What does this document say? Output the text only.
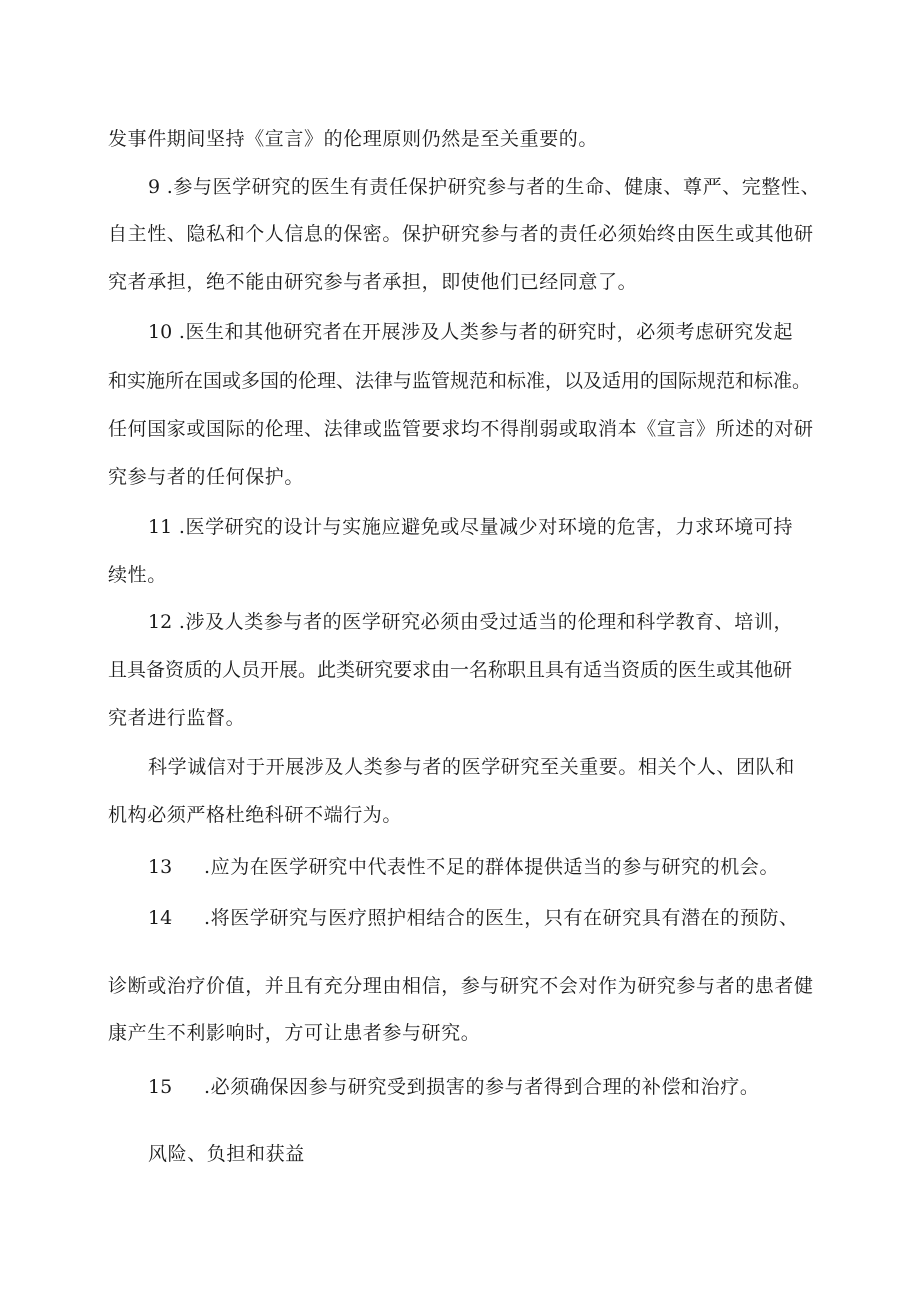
发事件期间坚持《宣言》的伦理原则仍然是至关重要的。
9 .参与医学研究的医生有责任保护研究参与者的生命、健康、尊严、完整性、
自主性、隐私和个人信息的保密。保护研究参与者的责任必须始终由医生或其他研
究者承担，绝不能由研究参与者承担，即使他们已经同意了。
10 .医生和其他研究者在开展涉及人类参与者的研究时，必须考虑研究发起
和实施所在国或多国的伦理、法律与监管规范和标准，以及适用的国际规范和标准。
任何国家或国际的伦理、法律或监管要求均不得削弱或取消本《宣言》所述的对研
究参与者的任何保护。
11 .医学研究的设计与实施应避免或尽量减少对环境的危害，力求环境可持
续性。
12 .涉及人类参与者的医学研究必须由受过适当的伦理和科学教育、培训，
且具备资质的人员开展。此类研究要求由一名称职且具有适当资质的医生或其他研
究者进行监督。
科学诚信对于开展涉及人类参与者的医学研究至关重要。相关个人、团队和
机构必须严格杜绝科研不端行为。
13 .应为在医学研究中代表性不足的群体提供适当的参与研究的机会。
14 .将医学研究与医疗照护相结合的医生，只有在研究具有潜在的预防、
诊断或治疗价值，并且有充分理由相信，参与研究不会对作为研究参与者的患者健
康产生不利影响时，方可让患者参与研究。
15 .必须确保因参与研究受到损害的参与者得到合理的补偿和治疗。
风险、负担和获益
